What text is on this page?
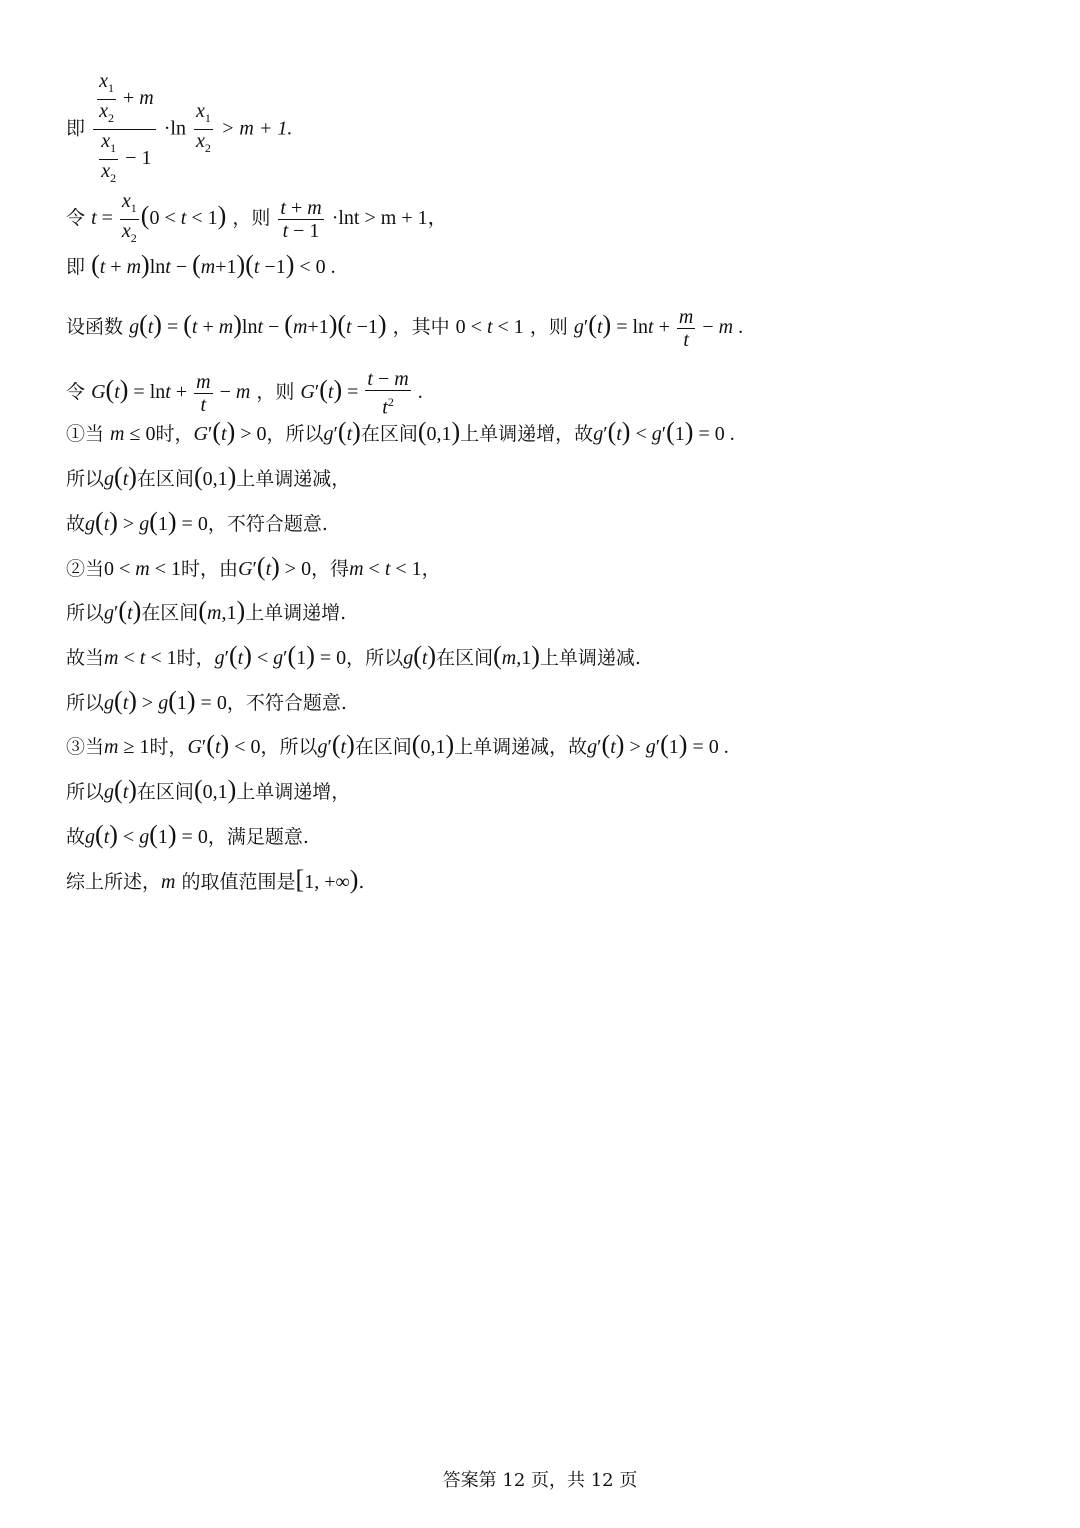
即 $\frac{\frac{x_1}{x_2} + m}{\frac{x_1}{x_2} - 1} \cdot\ln \frac{x_1}{x_2} > m + 1$.
令 $t = \frac{x_1}{x_2} (0 < t < 1)$ ，则 $\frac{t + m}{t - 1} \cdot\ln t > m + 1$，
即 (t + m)lnt − (m+1)(t −1) < 0 .
设函数 g(t) = (t + m)lnt − (m+1)(t −1) ，其中 0 < t < 1 ，则 $g'(t) = \ln t + \frac{m}{t} - m$ .
令 $G(t) = \ln t + \frac{m}{t} - m$ ，则 $G'(t) = \frac{t - m}{t^2}$ .
①当 m ≤ 0时，G′(t) > 0，所以g′(t)在区间(0,1)上单调递增，故g′(t) < g′(1) = 0 .
所以g(t)在区间(0,1)上单调递减，
故g(t) > g(1) = 0，不符合题意.
②当0 < m < 1时，由G′(t) > 0，得m < t < 1，
所以g′(t)在区间(m,1)上单调递增.
故当m < t < 1时，g′(t) < g′(1) = 0，所以g(t)在区间(m,1)上单调递减.
所以g(t) > g(1) = 0，不符合题意.
③当m ≥ 1时，G′(t) < 0，所以g′(t)在区间(0,1)上单调递减，故g′(t) > g′(1) = 0 .
所以g(t)在区间(0,1)上单调递增，
故g(t) < g(1) = 0，满足题意.
综上所述，m 的取值范围是[1, +∞).
答案第 12 页，共 12 页
